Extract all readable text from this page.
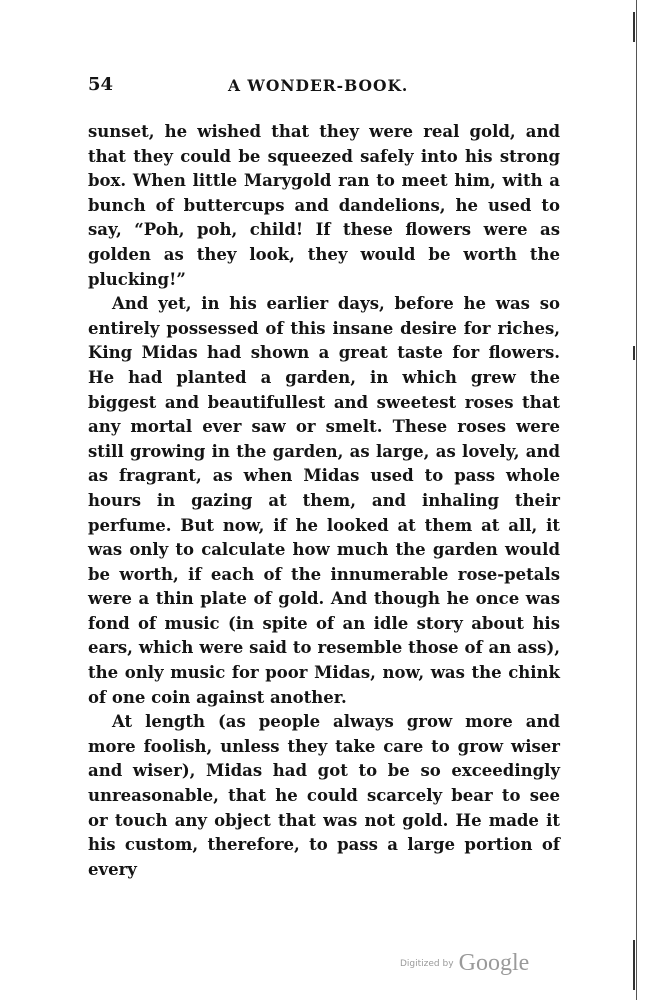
54	A WONDER-BOOK.

sunset, he wished that they were real gold, and that they could be squeezed safely into his strong box. When little Marygold ran to meet him, with a bunch of buttercups and dandelions, he used to say, “Poh, poh, child! If these flowers were as golden as they look, they would be worth the plucking!”

And yet, in his earlier days, before he was so entirely possessed of this insane desire for riches, King Midas had shown a great taste for flowers. He had planted a garden, in which grew the biggest and beautifullest and sweetest roses that any mortal ever saw or smelt. These roses were still growing in the garden, as large, as lovely, and as fragrant, as when Midas used to pass whole hours in gazing at them, and inhaling their perfume. But now, if he looked at them at all, it was only to calculate how much the garden would be worth, if each of the innumerable rose-petals were a thin plate of gold. And though he once was fond of music (in spite of an idle story about his ears, which were said to resemble those of an ass), the only music for poor Midas, now, was the chink of one coin against another.

At length (as people always grow more and more foolish, unless they take care to grow wiser and wiser), Midas had got to be so exceedingly unreasonable, that he could scarcely bear to see or touch any object that was not gold. He made it his custom, therefore, to pass a large portion of every

$^{Digitized by}$ Google
